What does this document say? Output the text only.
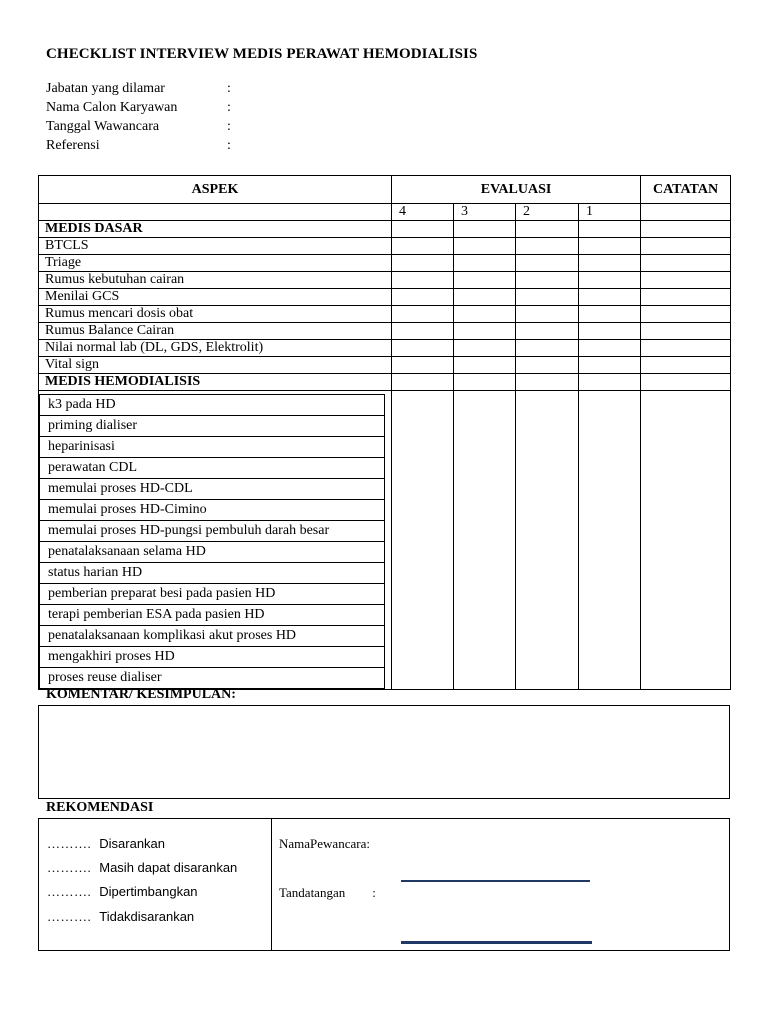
CHECKLIST INTERVIEW MEDIS PERAWAT HEMODIALISIS
Jabatan yang dilamar	:
Nama Calon Karyawan	:
Tanggal Wawancara	:
Referensi	:
ASPEK	EVALUASI	CATATAN
	4	3	2	1	
MEDIS DASAR					
BTCLS					
Triage					
Rumus kebutuhan cairan					
Menilai GCS					
Rumus mencari dosis obat					
Rumus Balance Cairan					
Nilai normal lab (DL, GDS, Elektrolit)					
Vital sign					
MEDIS HEMODIALISIS					

k3 pada HD
priming dialiser
heparinisasi
perawatan CDL
memulai proses HD-CDL
memulai proses HD-Cimino
memulai proses HD-pungsi pembuluh darah besar
penatalaksanaan selama HD
status harian HD
pemberian preparat besi pada pasien HD
terapi pemberian ESA pada pasien HD
penatalaksanaan komplikasi akut proses HD
mengakhiri proses HD
proses reuse dialiser

KOMENTAR/ KESIMPULAN:
REKOMENDASI
………. Disarankan
………. Masih dapat disarankan
………. Dipertimbangkan
………. Tidakdisarankan
NamaPewancara:
Tandatangan :
